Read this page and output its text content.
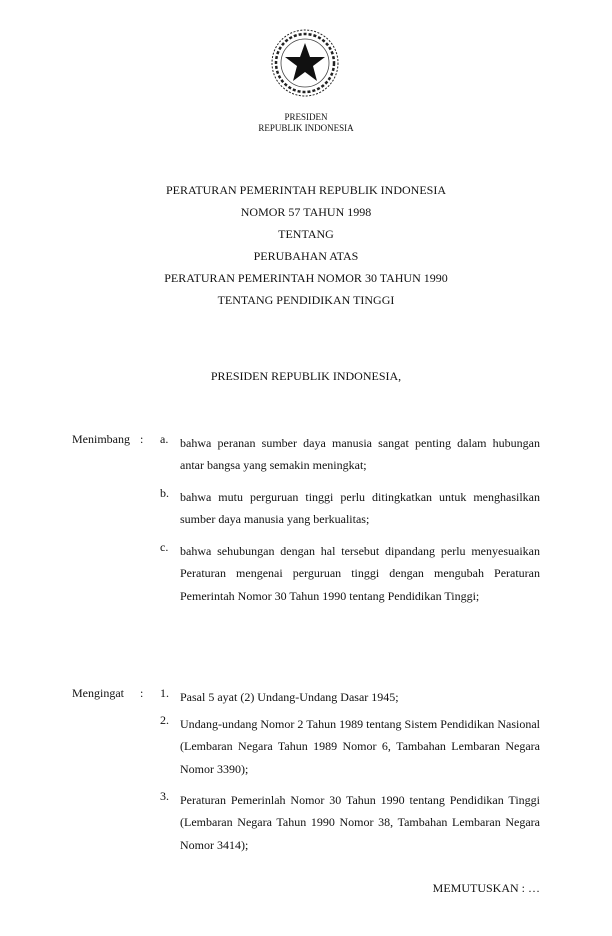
PRESIDEN
REPUBLIK INDONESIA
PERATURAN PEMERINTAH REPUBLIK INDONESIA
NOMOR 57 TAHUN 1998
TENTANG
PERUBAHAN ATAS
PERATURAN PEMERINTAH NOMOR 30 TAHUN 1990
TENTANG PENDIDIKAN TINGGI
PRESIDEN REPUBLIK INDONESIA,
Menimbang : a. bahwa peranan sumber daya manusia sangat penting dalam hubungan antar bangsa yang semakin meningkat;
b. bahwa mutu perguruan tinggi perlu ditingkatkan untuk menghasilkan sumber daya manusia yang berkualitas;
c. bahwa sehubungan dengan hal tersebut dipandang perlu menyesuaikan Peraturan mengenai perguruan tinggi dengan mengubah Peraturan Pemerintah Nomor 30 Tahun 1990 tentang Pendidikan Tinggi;
Mengingat : 1. Pasal 5 ayat (2) Undang-Undang Dasar 1945;
2. Undang-undang Nomor 2 Tahun 1989 tentang Sistem Pendidikan Nasional (Lembaran Negara Tahun 1989 Nomor 6, Tambahan Lembaran Negara Nomor 3390);
3. Peraturan Pemerinlah Nomor 30 Tahun 1990 tentang Pendidikan Tinggi (Lembaran Negara Tahun 1990 Nomor 38, Tambahan Lembaran Negara Nomor 3414);
MEMUTUSKAN : …
